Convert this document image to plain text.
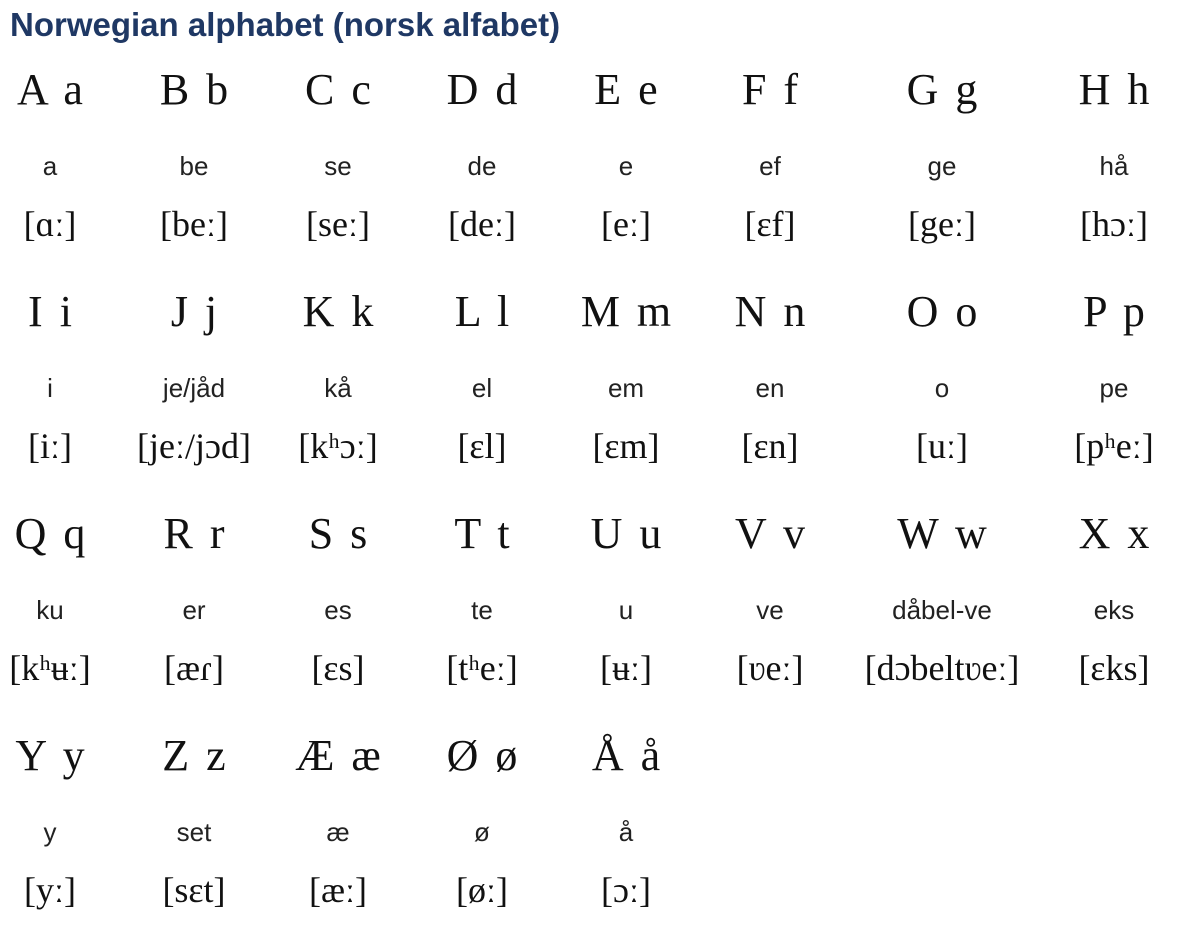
Norwegian alphabet (norsk alfabet)
A a
a
[ɑː]
B b
be
[beː]
C c
se
[seː]
D d
de
[deː]
E e
e
[eː]
F f
ef
[ɛf]
G g
ge
[geː]
H h
hå
[hɔː]
I i
i
[iː]
J j
je/jåd
[jeː/jɔd]
K k
kå
[kʰɔː]
L l
el
[ɛl]
M m
em
[ɛm]
N n
en
[ɛn]
O o
o
[uː]
P p
pe
[pʰeː]
Q q
ku
[kʰʉː]
R r
er
[æɾ]
S s
es
[ɛs]
T t
te
[tʰeː]
U u
u
[ʉː]
V v
ve
[ʋeː]
W w
dåbel-ve
[dɔbeltʋeː]
X x
eks
[ɛks]
Y y
y
[yː]
Z z
set
[sɛt]
Æ æ
æ
[æː]
Ø ø
ø
[øː]
Å å
å
[ɔː]
